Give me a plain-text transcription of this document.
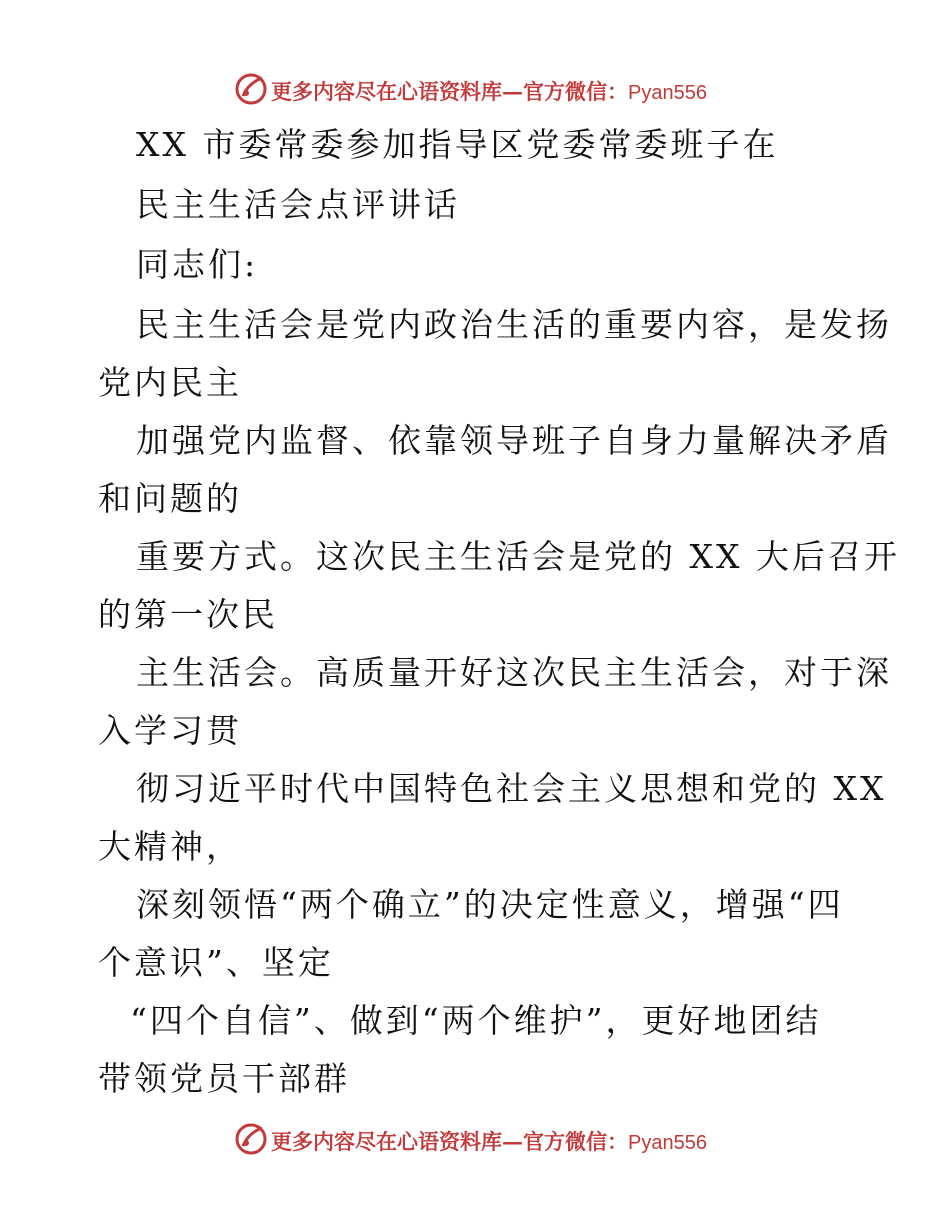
更多内容尽在心语资料库—官方微信：Pyan556
XX 市委常委参加指导区党委常委班子在
民主生活会点评讲话
同志们:
民主生活会是党内政治生活的重要内容，是发扬
党内民主
加强党内监督、依靠领导班子自身力量解决矛盾
和问题的
重要方式。这次民主生活会是党的 XX 大后召开
的第一次民
主生活会。高质量开好这次民主生活会，对于深
入学习贯
彻习近平时代中国特色社会主义思想和党的 XX
大精神，
深刻领悟“两个确立”的决定性意义，增强“四
个意识”、坚定
“四个自信”、做到“两个维护”，更好地团结
带领党员干部群
更多内容尽在心语资料库—官方微信：Pyan556
